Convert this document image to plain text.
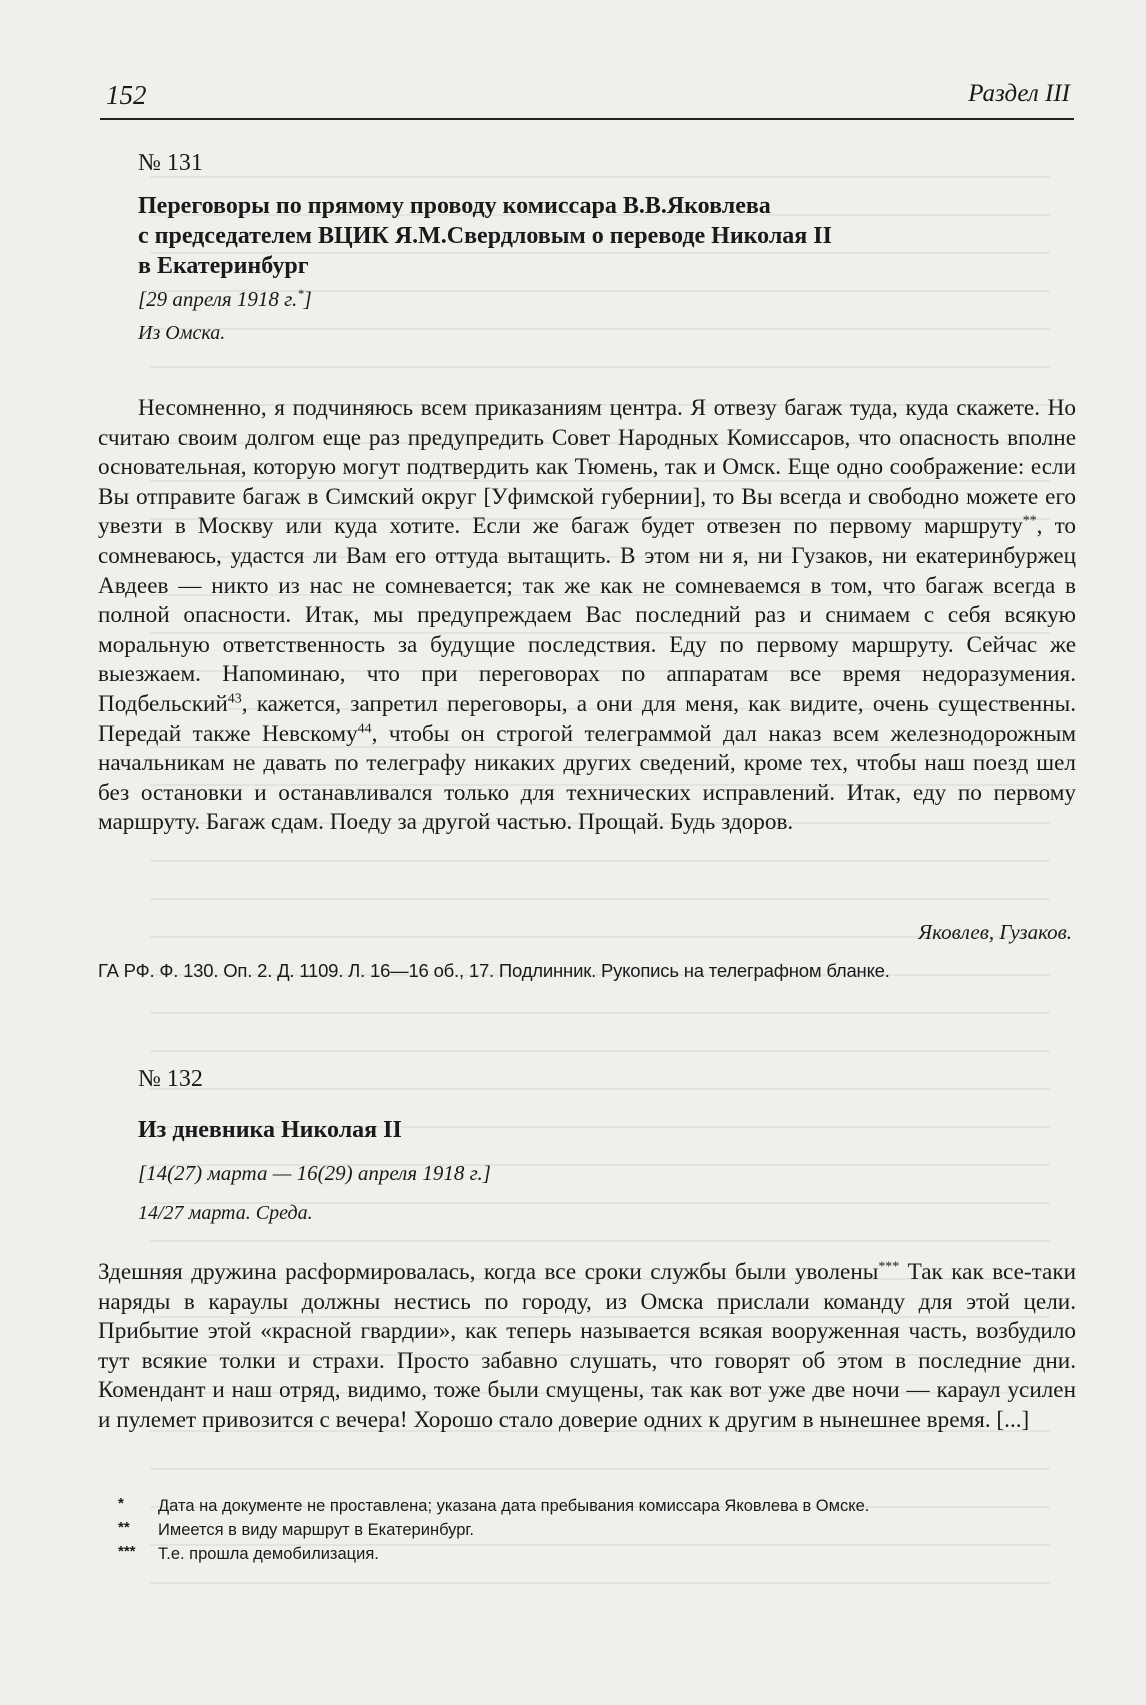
152	Раздел III
№ 131
Переговоры по прямому проводу комиссара В.В.Яковлева
с председателем ВЦИК Я.М.Свердловым о переводе Николая II
в Екатеринбург
[29 апреля 1918 г.*]
Из Омска.

Несомненно, я подчиняюсь всем приказаниям центра. Я отвезу багаж туда, куда скажете. Но считаю своим долгом еще раз предупредить Совет Народных Комиссаров, что опасность вполне основательная, которую могут подтвердить как Тюмень, так и Омск. Еще одно соображение: если Вы отправите багаж в Симский округ [Уфимской губернии], то Вы всегда и свободно можете его увезти в Москву или куда хотите. Если же багаж будет отвезен по первому маршруту**, то сомневаюсь, удастся ли Вам его оттуда вытащить. В этом ни я, ни Гузаков, ни екатеринбуржец Авдеев — никто из нас не сомневается; так же как не сомневаемся в том, что багаж всегда в полной опасности. Итак, мы предупреждаем Вас последний раз и снимаем с себя всякую моральную ответственность за будущие последствия. Еду по первому маршруту. Сейчас же выезжаем. Напоминаю, что при переговорах по аппаратам все время недоразумения. Подбельский$^{43}$, кажется, запретил переговоры, а они для меня, как видите, очень существенны. Передай также Невскому$^{44}$, чтобы он строгой телеграммой дал наказ всем железнодорожным начальникам не давать по телеграфу никаких других сведений, кроме тех, чтобы наш поезд шел без остановки и останавливался только для технических исправлений. Итак, еду по первому маршруту. Багаж сдам. Поеду за другой частью. Прощай. Будь здоров.

Яковлев, Гузаков.
ГА РФ. Ф. 130. Оп. 2. Д. 1109. Л. 16—16 об., 17. Подлинник. Рукопись на телеграфном бланке.
№ 132
Из дневника Николая II
[14(27) марта — 16(29) апреля 1918 г.]
14/27 марта. Среда.

Здешняя дружина расформировалась, когда все сроки службы были уволены*** Так как все-таки наряды в караулы должны нестись по городу, из Омска прислали команду для этой цели. Прибытие этой «красной гвардии», как теперь называется всякая вооруженная часть, возбудило тут всякие толки и страхи. Просто забавно слушать, что говорят об этом в последние дни. Комендант и наш отряд, видимо, тоже были смущены, так как вот уже две ночи — караул усилен и пулемет привозится с вечера! Хорошо стало доверие одних к другим в нынешнее время. [...]

*	Дата на документе не проставлена; указана дата пребывания комиссара Яковлева в Омске.
**	Имеется в виду маршрут в Екатеринбург.
***	Т.е. прошла демобилизация.
